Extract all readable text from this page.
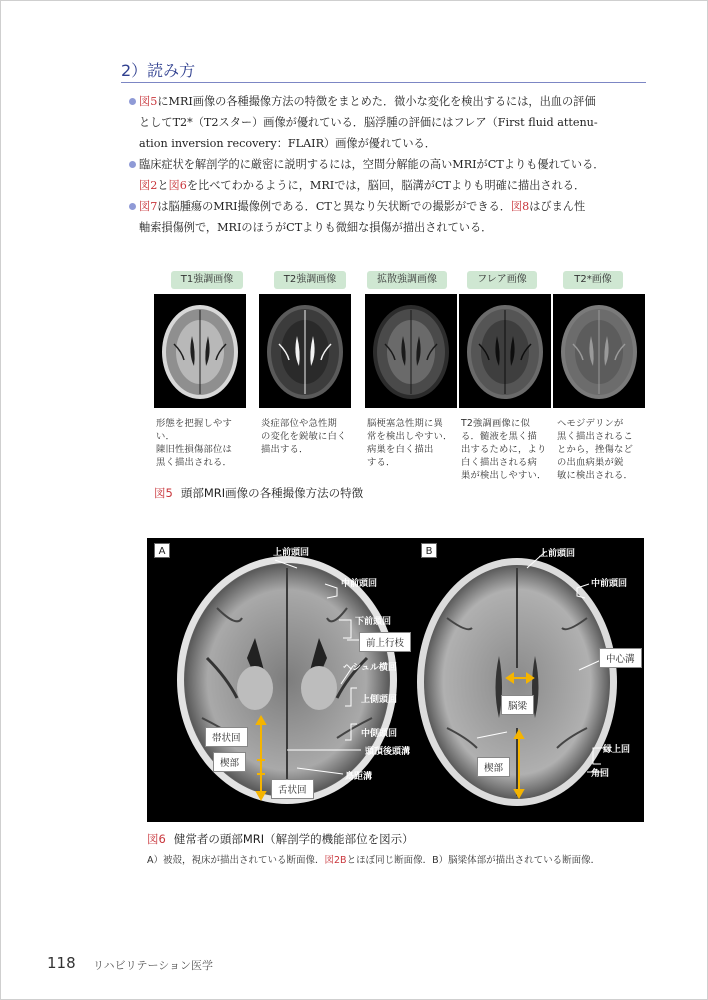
2）読み方
図5にMRI画像の各種撮像方法の特徴をまとめた．微小な変化を検出するには，出血の評価
としてT2*（T2スター）画像が優れている．脳浮腫の評価にはフレア（First fluid attenu-
ation inversion recovery：FLAIR）画像が優れている．
臨床症状を解剖学的に厳密に説明するには，空間分解能の高いMRIがCTよりも優れている．
図2と図6を比べてわかるように，MRIでは，脳回，脳溝がCTよりも明確に描出される．
図7は脳腫瘍のMRI撮像例である．CTと異なり矢状断での撮影ができる．図8はびまん性
軸索損傷例で，MRIのほうがCTよりも微細な損傷が描出されている．
T1強調画像	T2強調画像	拡散強調画像	フレア画像	T2*画像
形態を把握しやすい．
陳旧性損傷部位は
黒く描出される．
炎症部位や急性期
の変化を鋭敏に白く
描出する．
脳梗塞急性期に異
常を検出しやすい．
病巣を白く描出
する．
T2強調画像に似
る．髄液を黒く描
出するために，より
白く描出される病
巣が検出しやすい．
ヘモジデリンが
黒く描出されるこ
とから，挫傷など
の出血病巣が鋭
敏に検出される．
図5 頭部MRI画像の各種撮像方法の特徴
A	B
上前頭回
中前頭回
下前頭回
前上行枝
ヘシュル横回
上側頭回
中側頭回
帯状回
楔部
頭頂後頭溝
鳥距溝
舌状回
上前頭回
中前頭回
中心溝
脳梁
縁上回
角回
楔部
図6 健常者の頭部MRI（解剖学的機能部位を図示）
A）被殻，視床が描出されている断面像．図2Bとほぼ同じ断面像．B）脳梁体部が描出されている断面像．
118 リハビリテーション医学
